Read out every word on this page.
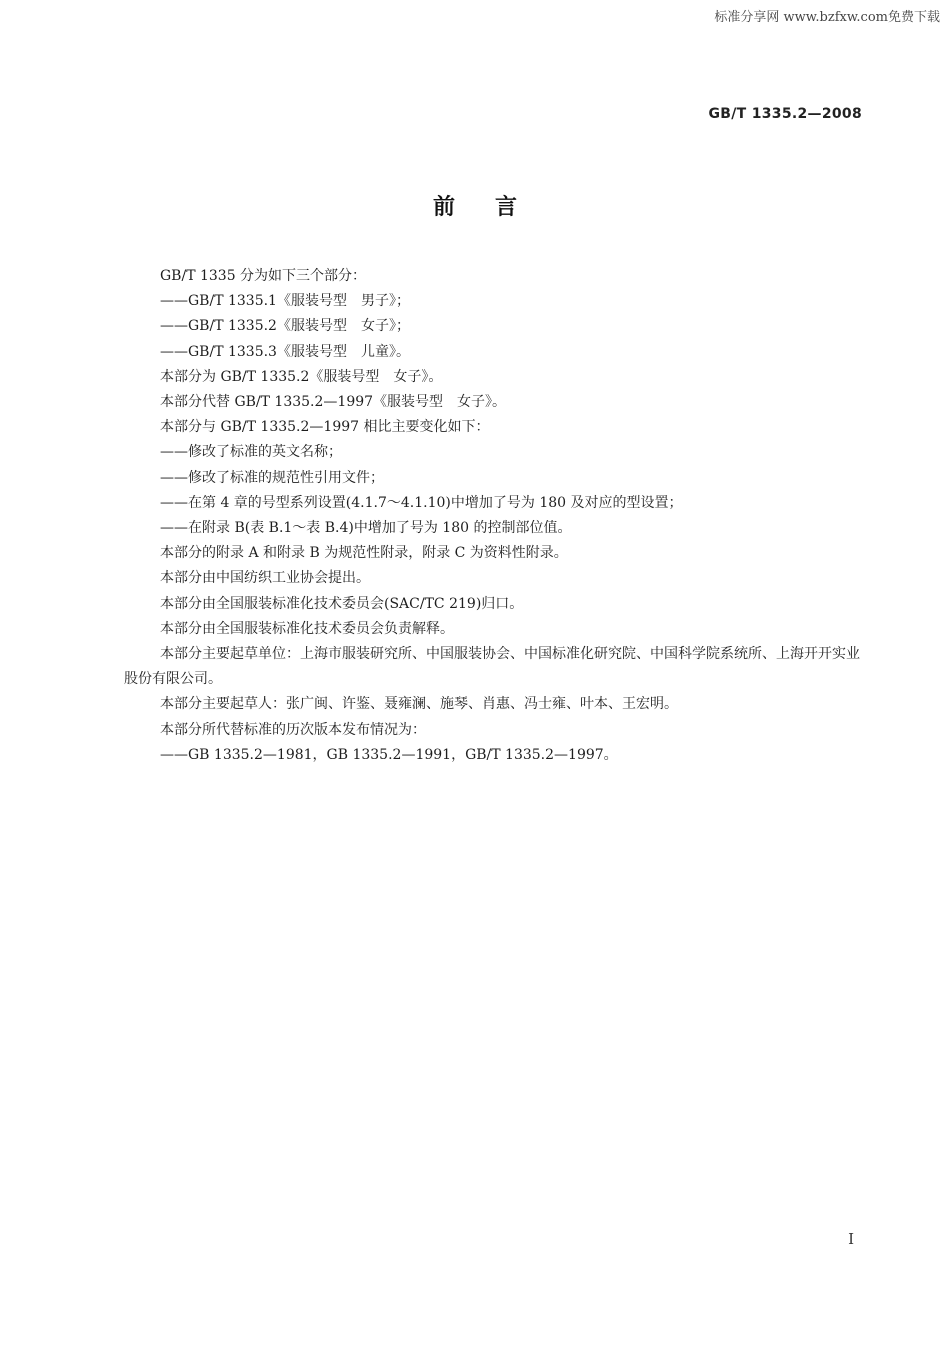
标准分享网 www.bzfxw.com免费下载
GB/T 1335.2—2008
前言

GB/T 1335 分为如下三个部分：

——GB/T 1335.1《服装号型　男子》；

——GB/T 1335.2《服装号型　女子》；

——GB/T 1335.3《服装号型　儿童》。

本部分为 GB/T 1335.2《服装号型　女子》。

本部分代替 GB/T 1335.2—1997《服装号型　女子》。

本部分与 GB/T 1335.2—1997 相比主要变化如下：

——修改了标准的英文名称；

——修改了标准的规范性引用文件；

——在第 4 章的号型系列设置(4.1.7～4.1.10)中增加了号为 180 及对应的型设置；

——在附录 B(表 B.1～表 B.4)中增加了号为 180 的控制部位值。

本部分的附录 A 和附录 B 为规范性附录，附录 C 为资料性附录。

本部分由中国纺织工业协会提出。

本部分由全国服装标准化技术委员会(SAC/TC 219)归口。

本部分由全国服装标准化技术委员会负责解释。

本部分主要起草单位：上海市服装研究所、中国服装协会、中国标准化研究院、中国科学院系统所、上海开开实业股份有限公司。

本部分主要起草人：张广闽、许鉴、聂雍澜、施琴、肖惠、冯士雍、叶本、王宏明。

本部分所代替标准的历次版本发布情况为：

——GB 1335.2—1981，GB 1335.2—1991，GB/T 1335.2—1997。

I
